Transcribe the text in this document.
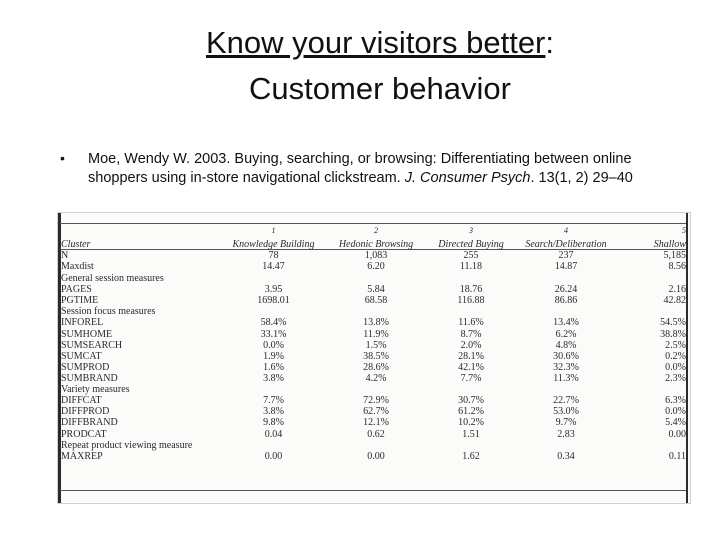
Know your visitors better:
Customer behavior
• Moe, Wendy W. 2003. Buying, searching, or browsing: Differentiating between online shoppers using in-store navigational clickstream. J. Consumer Psych. 13(1, 2) 29–40
	1	2	3	4	5
Cluster	Knowledge Building	Hedonic Browsing	Directed Buying	Search/Deliberation	Shallow
N	78	1,083	255	237	5,185
Maxdist	14.47	6.20	11.18	14.87	8.56
General session measures					
PAGES	3.95	5.84	18.76	26.24	2.16
PGTIME	1698.01	68.58	116.88	86.86	42.82
Session focus measures					
INFOREL	58.4%	13.8%	11.6%	13.4%	54.5%
SUMHOME	33.1%	11.9%	8.7%	6.2%	38.8%
SUMSEARCH	0.0%	1.5%	2.0%	4.8%	2.5%
SUMCAT	1.9%	38.5%	28.1%	30.6%	0.2%
SUMPROD	1.6%	28.6%	42.1%	32.3%	0.0%
SUMBRAND	3.8%	4.2%	7.7%	11.3%	2.3%
Variety measures					
DIFFCAT	7.7%	72.9%	30.7%	22.7%	6.3%
DIFFPROD	3.8%	62.7%	61.2%	53.0%	0.0%
DIFFBRAND	9.8%	12.1%	10.2%	9.7%	5.4%
PRODCAT	0.04	0.62	1.51	2.83	0.00
Repeat product viewing measure					
MAXREP	0.00	0.00	1.62	0.34	0.11
